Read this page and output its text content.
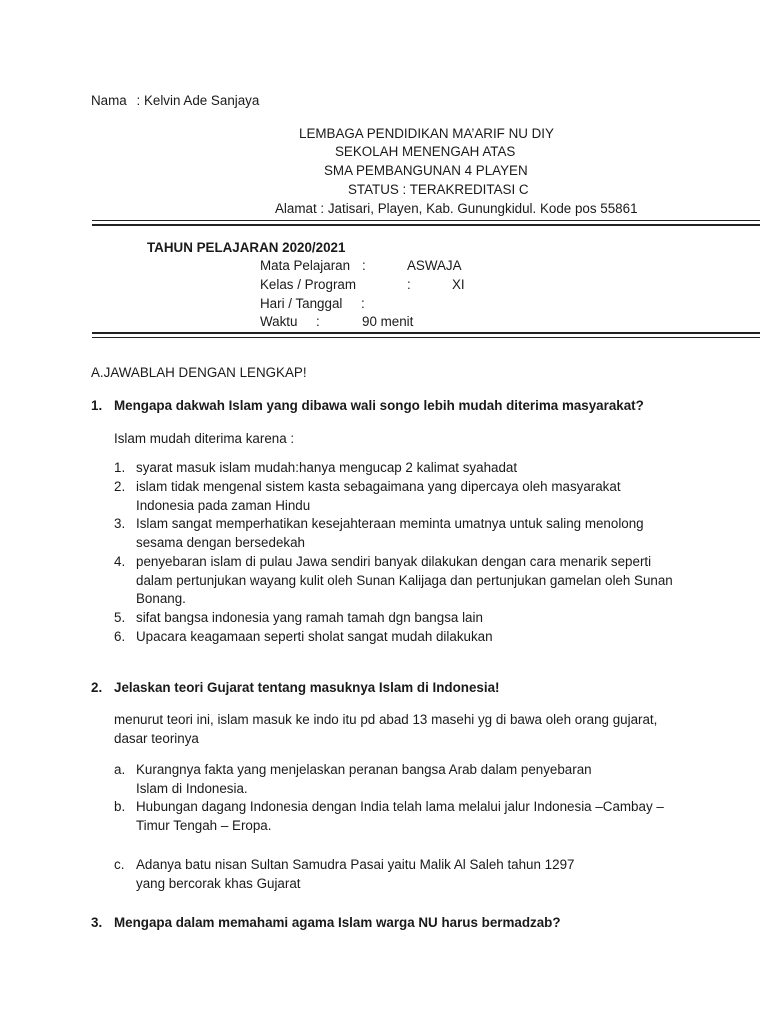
Nama : Kelvin Ade Sanjaya
LEMBAGA PENDIDIKAN MA’ARIF NU DIY
SEKOLAH MENENGAH ATAS
SMA PEMBANGUNAN 4 PLAYEN
STATUS : TERAKREDITASI C
Alamat : Jatisari, Playen, Kab. Gunungkidul. Kode pos 55861
TAHUN PELAJARAN 2020/2021
Mata Pelajaran :	ASWAJA
Kelas / Program	:	XI
Hari / Tanggal :
Waktu :	90 menit
A.JAWABLAH DENGAN LENGKAP!
1. Mengapa dakwah Islam yang dibawa wali songo lebih mudah diterima masyarakat?
Islam mudah diterima karena :
1. syarat masuk islam mudah:hanya mengucap 2 kalimat syahadat
2. islam tidak mengenal sistem kasta sebagaimana yang dipercaya oleh masyarakat Indonesia pada zaman Hindu
3. Islam sangat memperhatikan kesejahteraan meminta umatnya untuk saling menolong sesama dengan bersedekah
4. penyebaran islam di pulau Jawa sendiri banyak dilakukan dengan cara menarik seperti dalam pertunjukan wayang kulit oleh Sunan Kalijaga dan pertunjukan gamelan oleh Sunan Bonang.
5. sifat bangsa indonesia yang ramah tamah dgn bangsa lain
6. Upacara keagamaan seperti sholat sangat mudah dilakukan
2. Jelaskan teori Gujarat tentang masuknya Islam di Indonesia!
menurut teori ini, islam masuk ke indo itu pd abad 13 masehi yg di bawa oleh orang gujarat, dasar teorinya
a. Kurangnya fakta yang menjelaskan peranan bangsa Arab dalam penyebaran Islam di Indonesia.
b. Hubungan dagang Indonesia dengan India telah lama melalui jalur Indonesia –Cambay – Timur Tengah – Eropa.
c. Adanya batu nisan Sultan Samudra Pasai yaitu Malik Al Saleh tahun 1297 yang bercorak khas Gujarat
3. Mengapa dalam memahami agama Islam warga NU harus bermadzab?
